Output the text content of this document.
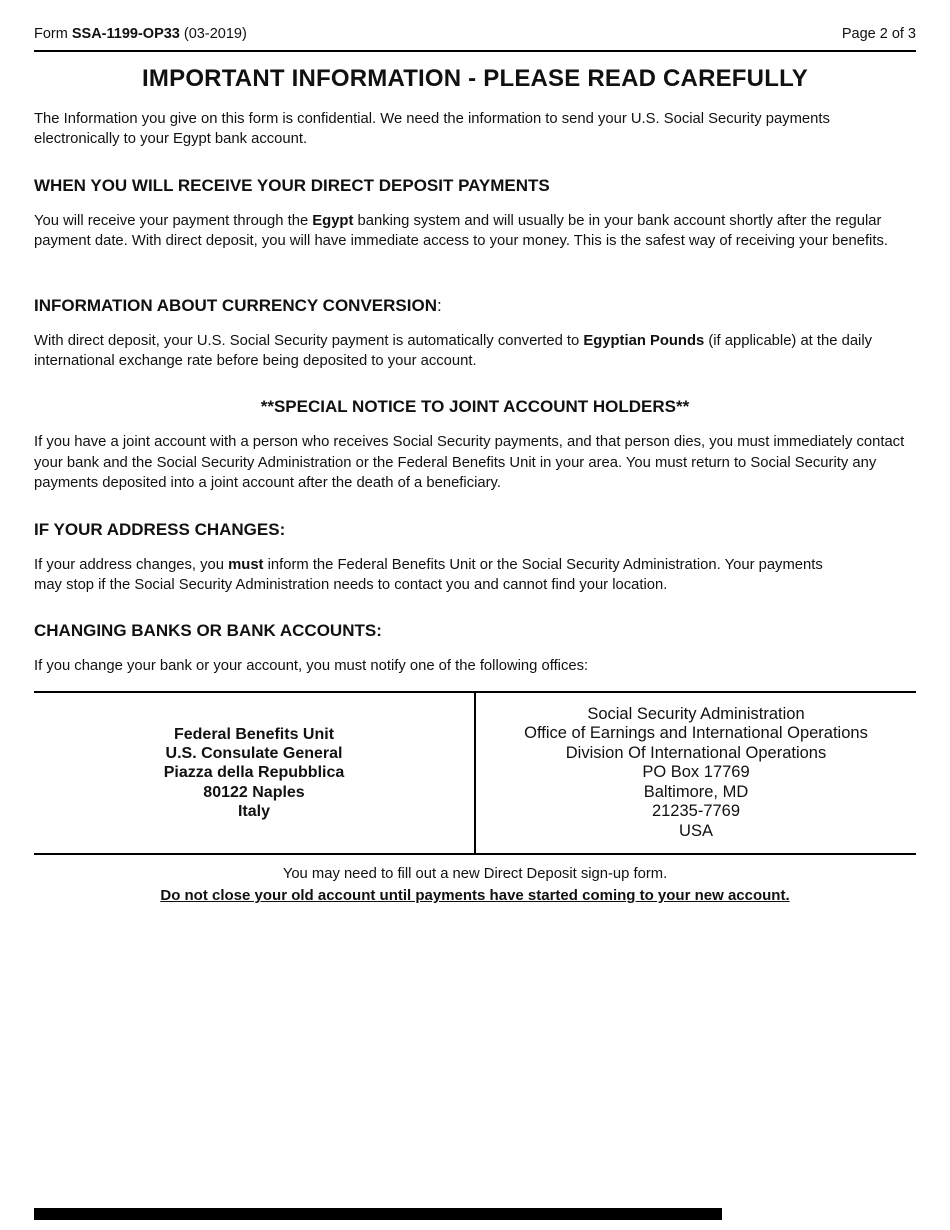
Form SSA-1199-OP33 (03-2019)	Page 2 of 3
IMPORTANT INFORMATION - PLEASE READ CAREFULLY

The Information you give on this form is confidential. We need the information to send your U.S. Social Security payments electronically to your Egypt bank account.

WHEN YOU WILL RECEIVE YOUR DIRECT DEPOSIT PAYMENTS

You will receive your payment through the Egypt banking system and will usually be in your bank account shortly after the regular payment date. With direct deposit, you will have immediate access to your money. This is the safest way of receiving your benefits.

INFORMATION ABOUT CURRENCY CONVERSION:

With direct deposit, your U.S. Social Security payment is automatically converted to Egyptian Pounds (if applicable) at the daily international exchange rate before being deposited to your account.

**SPECIAL NOTICE TO JOINT ACCOUNT HOLDERS**

If you have a joint account with a person who receives Social Security payments, and that person dies, you must immediately contact your bank and the Social Security Administration or the Federal Benefits Unit in your area. You must return to Social Security any payments deposited into a joint account after the death of a beneficiary.

IF YOUR ADDRESS CHANGES:

If your address changes, you must inform the Federal Benefits Unit or the Social Security Administration. Your payments may stop if the Social Security Administration needs to contact you and cannot find your location.

CHANGING BANKS OR BANK ACCOUNTS:

If you change your bank or your account, you must notify one of the following offices:

Federal Benefits Unit
U.S. Consulate General
Piazza della Repubblica
80122 Naples
Italy
Social Security Administration
Office of Earnings and International Operations
Division Of International Operations
PO Box 17769
Baltimore, MD
21235-7769
USA
You may need to fill out a new Direct Deposit sign-up form.
Do not close your old account until payments have started coming to your new account.
